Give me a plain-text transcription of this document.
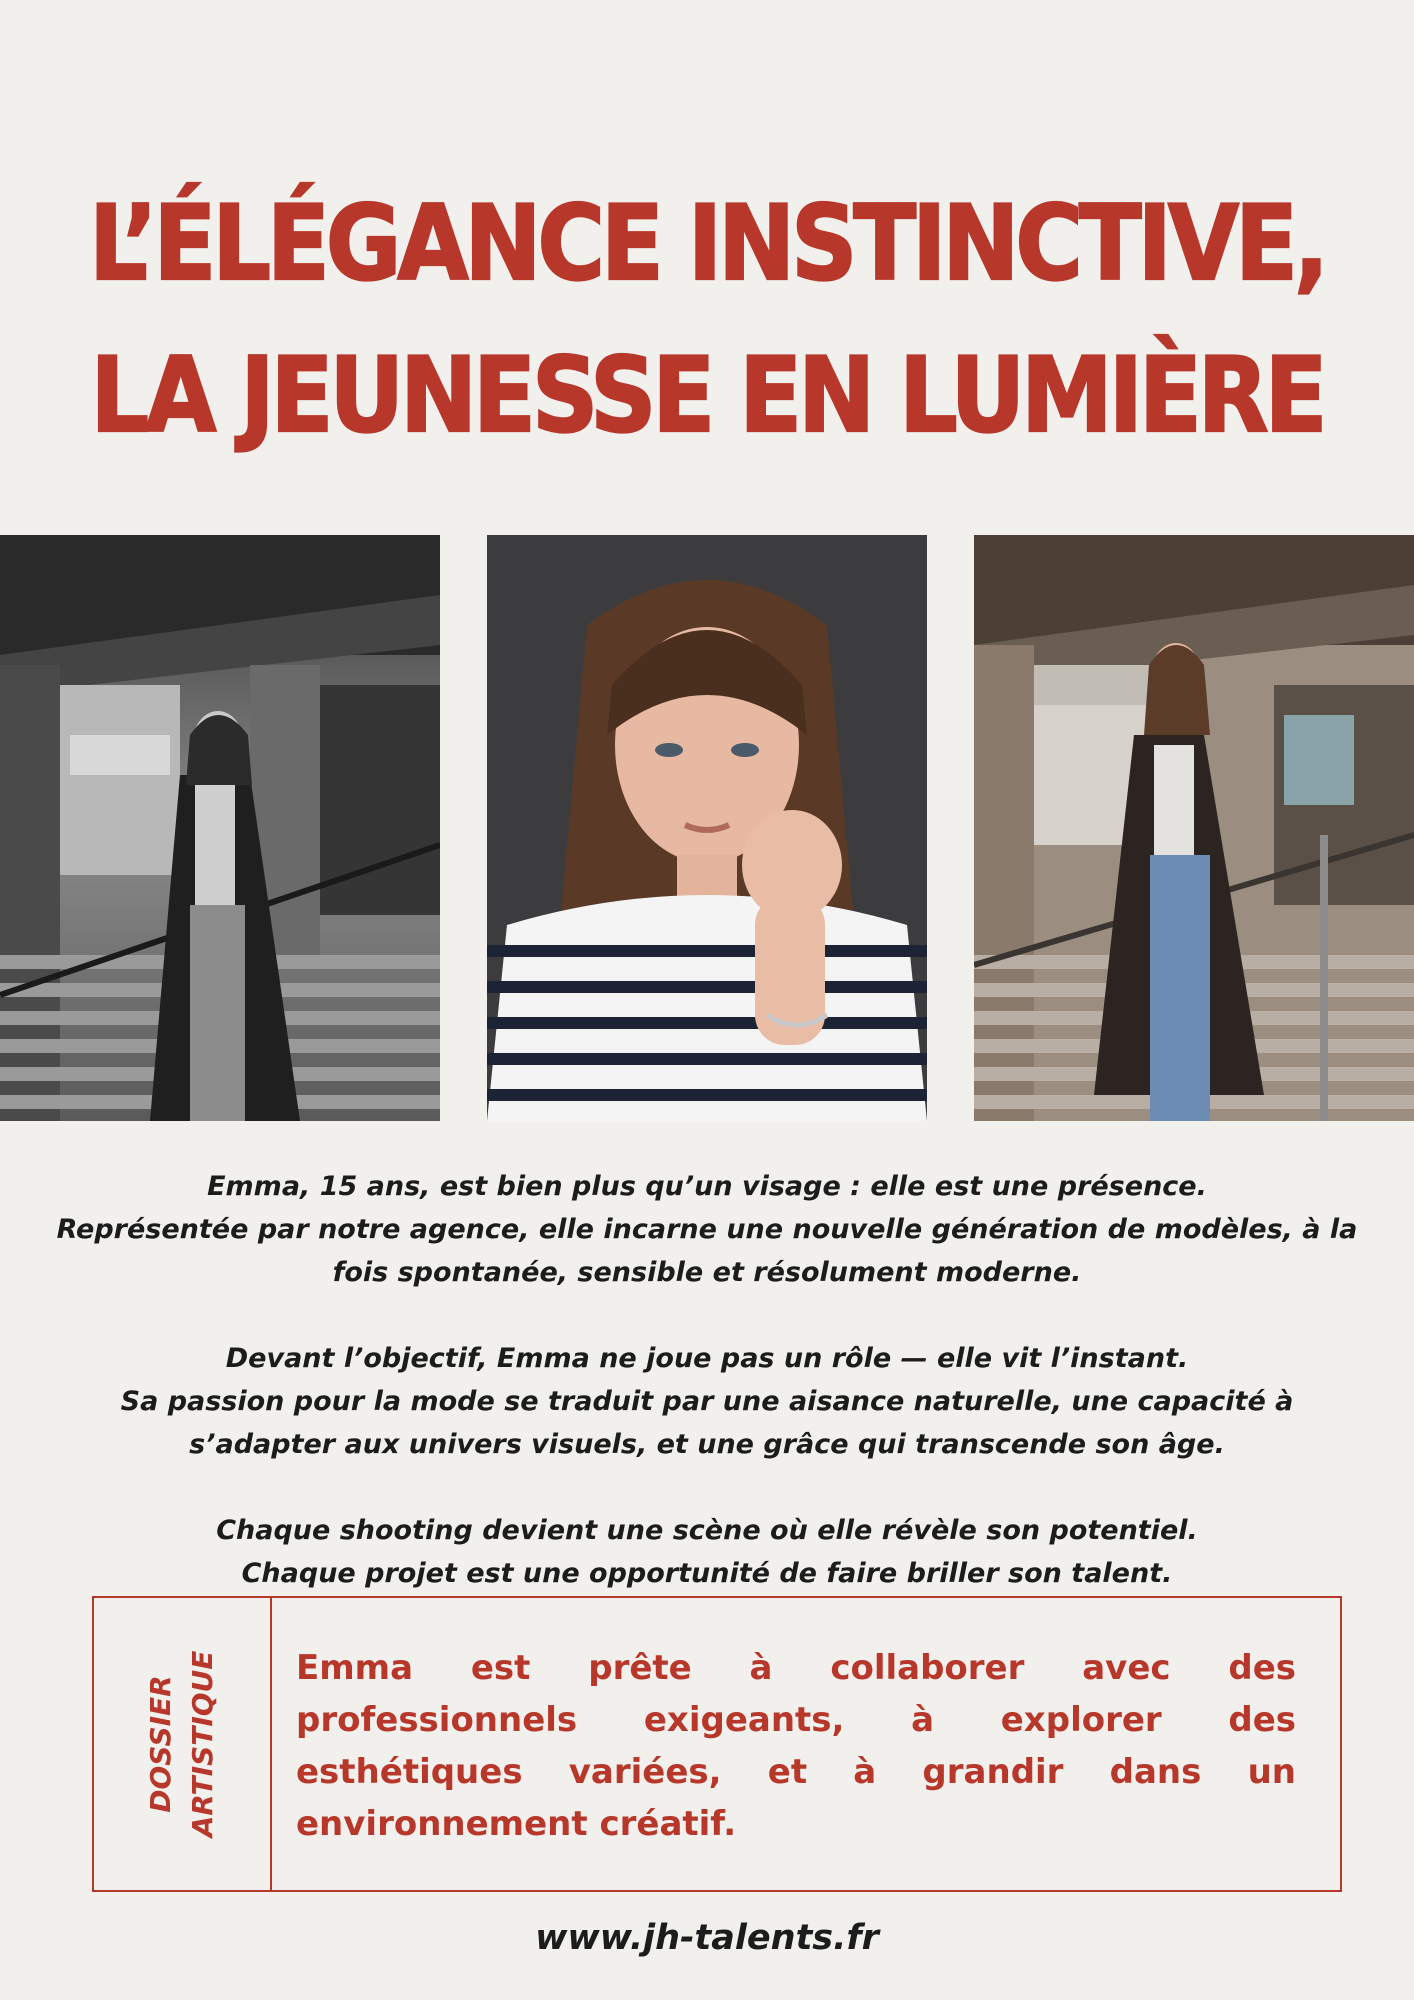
L’ÉLÉGANCE INSTINCTIVE,
LA JEUNESSE EN LUMIÈRE

Emma, 15 ans, est bien plus qu’un visage : elle est une présence.
Représentée par notre agence, elle incarne une nouvelle génération de modèles, à la
fois spontanée, sensible et résolument moderne.

Devant l’objectif, Emma ne joue pas un rôle — elle vit l’instant.
Sa passion pour la mode se traduit par une aisance naturelle, une capacité à
s’adapter aux univers visuels, et une grâce qui transcende son âge.

Chaque shooting devient une scène où elle révèle son potentiel.
Chaque projet est une opportunité de faire briller son talent.

DOSSIER ARTISTIQUE Emma est prête à collaborer avec des professionnels exigeants, à explorer des esthétiques variées, et à grandir dans un environnement créatif.

www.jh-talents.fr
